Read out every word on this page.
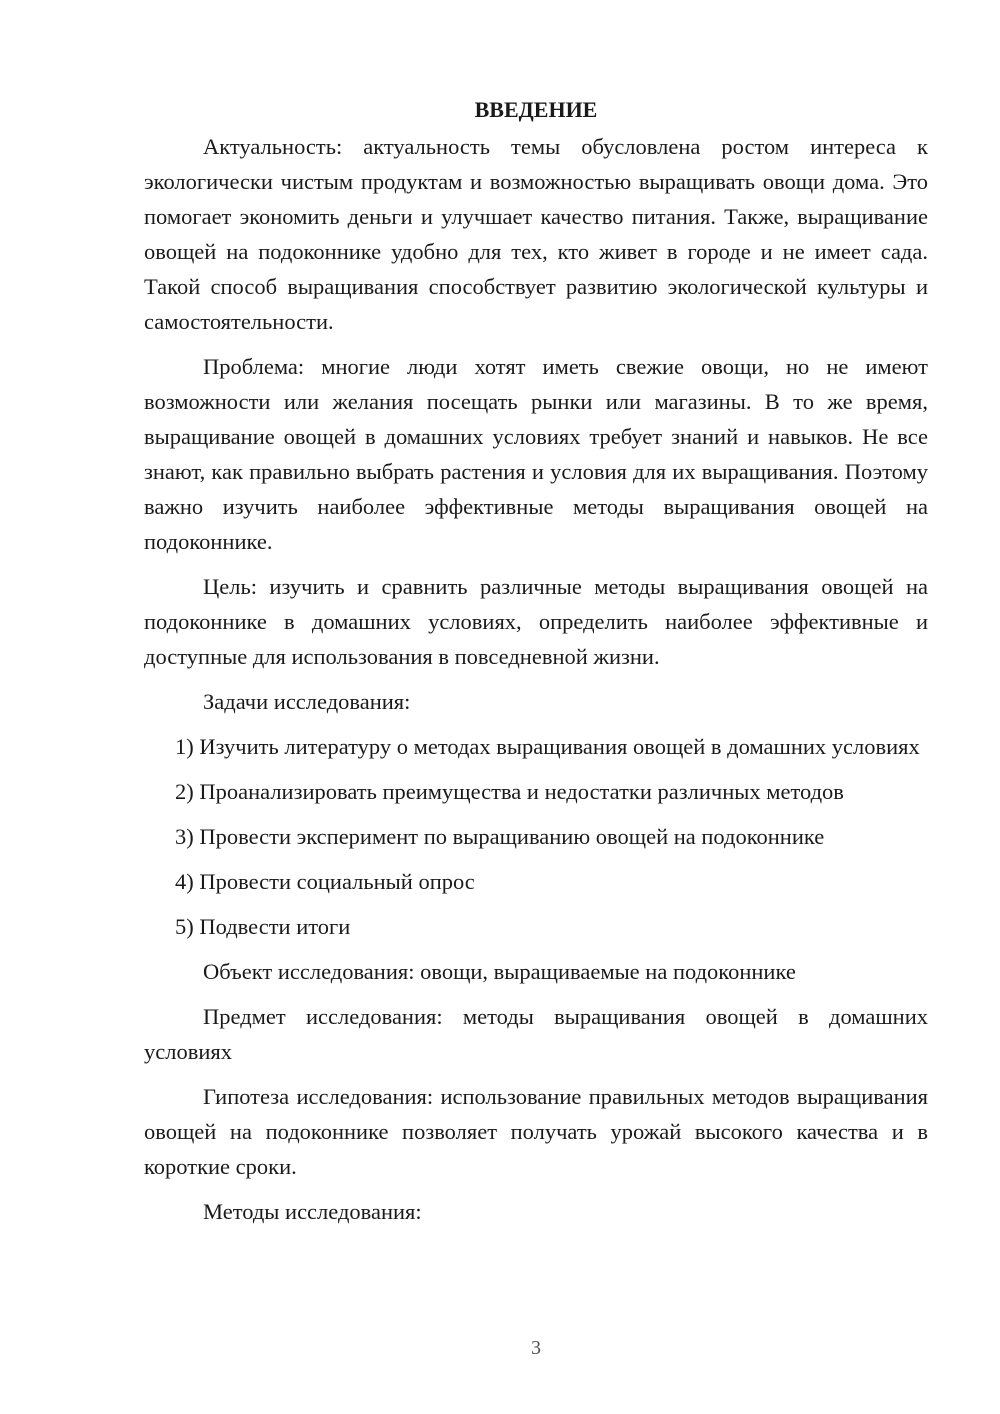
ВВЕДЕНИЕ

Актуальность: актуальность темы обусловлена ростом интереса к экологически чистым продуктам и возможностью выращивать овощи дома. Это помогает экономить деньги и улучшает качество питания. Также, выращивание овощей на подоконнике удобно для тех, кто живет в городе и не имеет сада. Такой способ выращивания способствует развитию экологической культуры и самостоятельности.

Проблема: многие люди хотят иметь свежие овощи, но не имеют возможности или желания посещать рынки или магазины. В то же время, выращивание овощей в домашних условиях требует знаний и навыков. Не все знают, как правильно выбрать растения и условия для их выращивания. Поэтому важно изучить наиболее эффективные методы выращивания овощей на подоконнике.

Цель: изучить и сравнить различные методы выращивания овощей на подоконнике в домашних условиях, определить наиболее эффективные и доступные для использования в повседневной жизни.

Задачи исследования:

1) Изучить литературу о методах выращивания овощей в домашних условиях

2) Проанализировать преимущества и недостатки различных методов

3) Провести эксперимент по выращиванию овощей на подоконнике

4) Провести социальный опрос

5) Подвести итоги

Объект исследования: овощи, выращиваемые на подоконнике

Предмет исследования: методы выращивания овощей в домашних условиях

Гипотеза исследования: использование правильных методов выращивания овощей на подоконнике позволяет получать урожай высокого качества и в короткие сроки.

Методы исследования:

3
